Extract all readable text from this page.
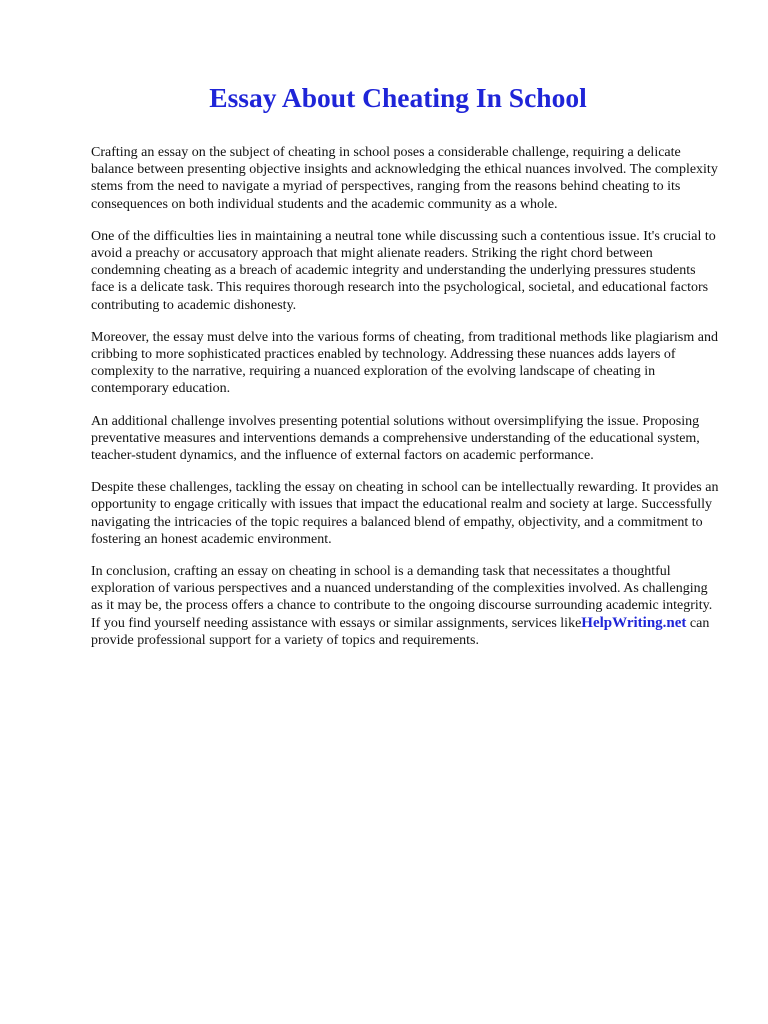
Essay About Cheating In School

Crafting an essay on the subject of cheating in school poses a considerable challenge, requiring a delicate balance between presenting objective insights and acknowledging the ethical nuances involved. The complexity stems from the need to navigate a myriad of perspectives, ranging from the reasons behind cheating to its consequences on both individual students and the academic community as a whole.

One of the difficulties lies in maintaining a neutral tone while discussing such a contentious issue. It's crucial to avoid a preachy or accusatory approach that might alienate readers. Striking the right chord between condemning cheating as a breach of academic integrity and understanding the underlying pressures students face is a delicate task. This requires thorough research into the psychological, societal, and educational factors contributing to academic dishonesty.

Moreover, the essay must delve into the various forms of cheating, from traditional methods like plagiarism and cribbing to more sophisticated practices enabled by technology. Addressing these nuances adds layers of complexity to the narrative, requiring a nuanced exploration of the evolving landscape of cheating in contemporary education.

An additional challenge involves presenting potential solutions without oversimplifying the issue. Proposing preventative measures and interventions demands a comprehensive understanding of the educational system, teacher-student dynamics, and the influence of external factors on academic performance.

Despite these challenges, tackling the essay on cheating in school can be intellectually rewarding. It provides an opportunity to engage critically with issues that impact the educational realm and society at large. Successfully navigating the intricacies of the topic requires a balanced blend of empathy, objectivity, and a commitment to fostering an honest academic environment.

In conclusion, crafting an essay on cheating in school is a demanding task that necessitates a thoughtful exploration of various perspectives and a nuanced understanding of the complexities involved. As challenging as it may be, the process offers a chance to contribute to the ongoing discourse surrounding academic integrity. If you find yourself needing assistance with essays or similar assignments, services likeHelpWriting.net can provide professional support for a variety of topics and requirements.
